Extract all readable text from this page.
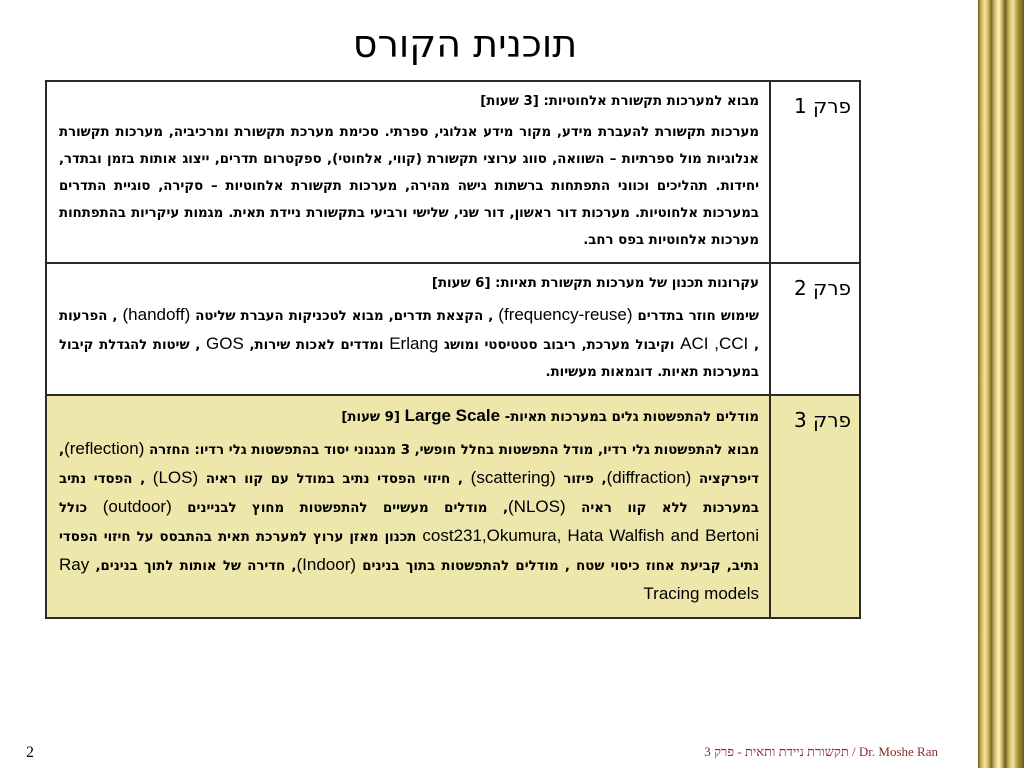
תוכנית הקורס
פרק 1	מבוא למערכות תקשורת אלחוטיות: [3 שעות]
מערכות תקשורת להעברת מידע, מקור מידע אנלוגי, ספרתי. סכימת מערכת תקשורת ומרכיביה, מערכות תקשורת אנלוגיות מול ספרתיות – השוואה, סווג ערוצי תקשורת (קווי, אלחוטי), ספקטרום תדרים, ייצוג אותות בזמן ובתדר, יחידות. תהליכים וכווני התפתחות ברשתות גישה מהירה, מערכות תקשורת אלחוטיות – סקירה, סוגיית התדרים במערכות אלחוטיות. מערכות דור ראשון, דור שני, שלישי ורביעי בתקשורת ניידת תאית. מגמות עיקריות בהתפתחות מערכות אלחוטיות בפס רחב.
פרק 2	עקרונות תכנון של מערכות תקשורת תאיות: [6 שעות]
שימוש חוזר בתדרים (frequency-reuse) , הקצאת תדרים, מבוא לטכניקות העברת שליטה (handoff) , הפרעות , ACI ,CCI וקיבול מערכת, ריבוב סטטיסטי ומושג Erlang ומדדים לאכות שירות, GOS , שיטות להגדלת קיבול במערכות תאיות. דוגמאות מעשיות.
פרק 3	מודלים להתפשטות גלים במערכות תאיות- Large Scale [9 שעות]
מבוא להתפשטות גלי רדיו, מודל התפשטות בחלל חופשי, 3 מנגנוני יסוד בהתפשטות גלי רדיו: החזרה (reflection), דיפרקציה (diffraction), פיזור (scattering) , חיזוי הפסדי נתיב במודל עם קוו ראיה (LOS) , הפסדי נתיב במערכות ללא קוו ראיה (NLOS), מודלים מעשיים להתפשטות מחוץ לבניינים (outdoor) כולל cost231,Okumura, Hata Walfish and Bertoni תכנון מאזן ערוץ למערכת תאית בהתבסס על חיזוי הפסדי נתיב, קביעת אחוז כיסוי שטח , מודלים להתפשטות בתוך בנינים (Indoor), חדירה של אותות לתוך בנינים, Ray Tracing models
2	Dr. Moshe Ran / תקשורת ניידת ותאית - פרק 3
